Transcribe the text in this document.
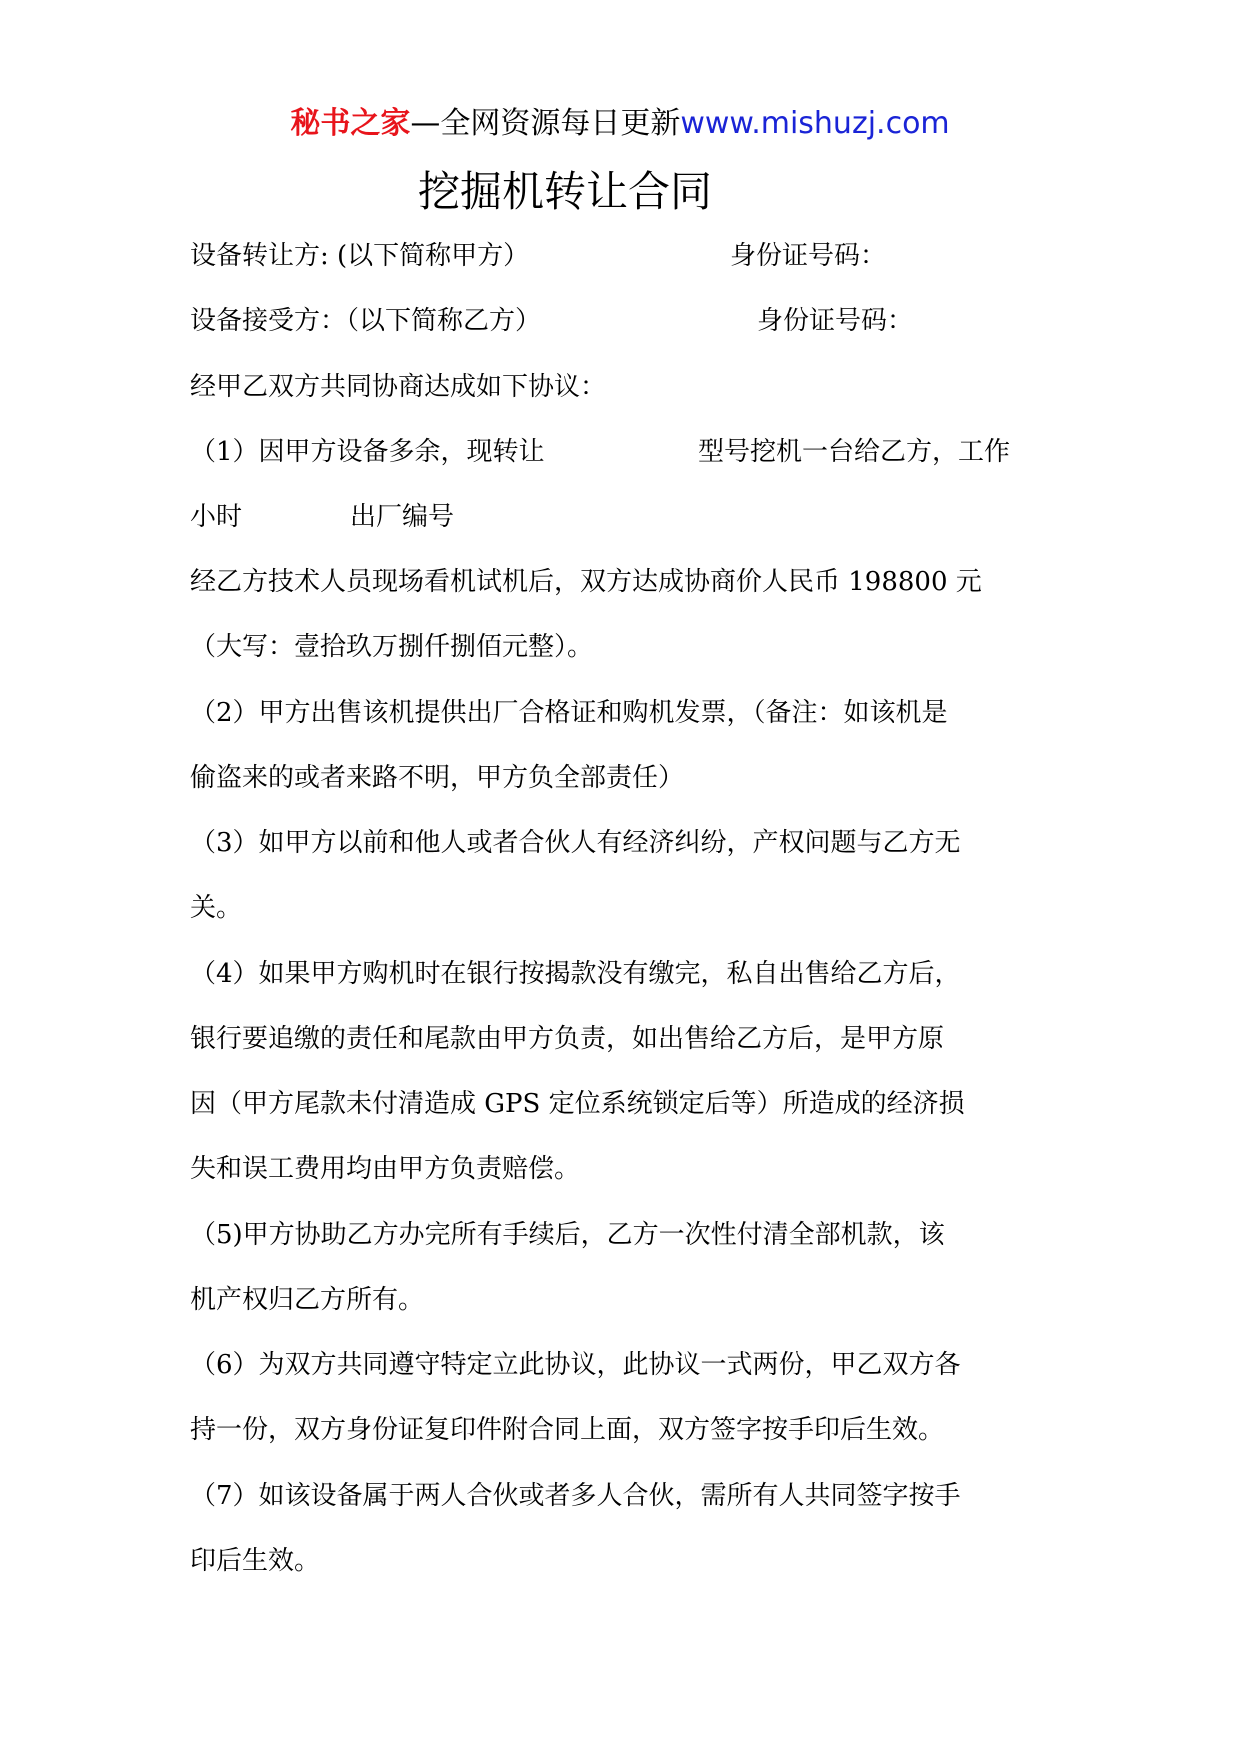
秘书之家—全网资源每日更新www.mishuzj.com
挖掘机转让合同
设备转让方: (以下简称甲方）	身份证号码：
设备接受方：（以下简称乙方）	身份证号码：
经甲乙双方共同协商达成如下协议：
（1）因甲方设备多余，现转让	型号挖机一台给乙方，工作
小时	出厂编号
经乙方技术人员现场看机试机后，双方达成协商价人民币 198800 元
（大写：壹拾玖万捌仟捌佰元整）。
（2）甲方出售该机提供出厂合格证和购机发票，（备注：如该机是
偷盗来的或者来路不明，甲方负全部责任）
（3）如甲方以前和他人或者合伙人有经济纠纷，产权问题与乙方无
关。
（4）如果甲方购机时在银行按揭款没有缴完，私自出售给乙方后，
银行要追缴的责任和尾款由甲方负责，如出售给乙方后，是甲方原
因（甲方尾款未付清造成 GPS 定位系统锁定后等）所造成的经济损
失和误工费用均由甲方负责赔偿。
（5)甲方协助乙方办完所有手续后，乙方一次性付清全部机款，该
机产权归乙方所有。
（6）为双方共同遵守特定立此协议，此协议一式两份，甲乙双方各
持一份，双方身份证复印件附合同上面，双方签字按手印后生效。
（7）如该设备属于两人合伙或者多人合伙，需所有人共同签字按手
印后生效。
